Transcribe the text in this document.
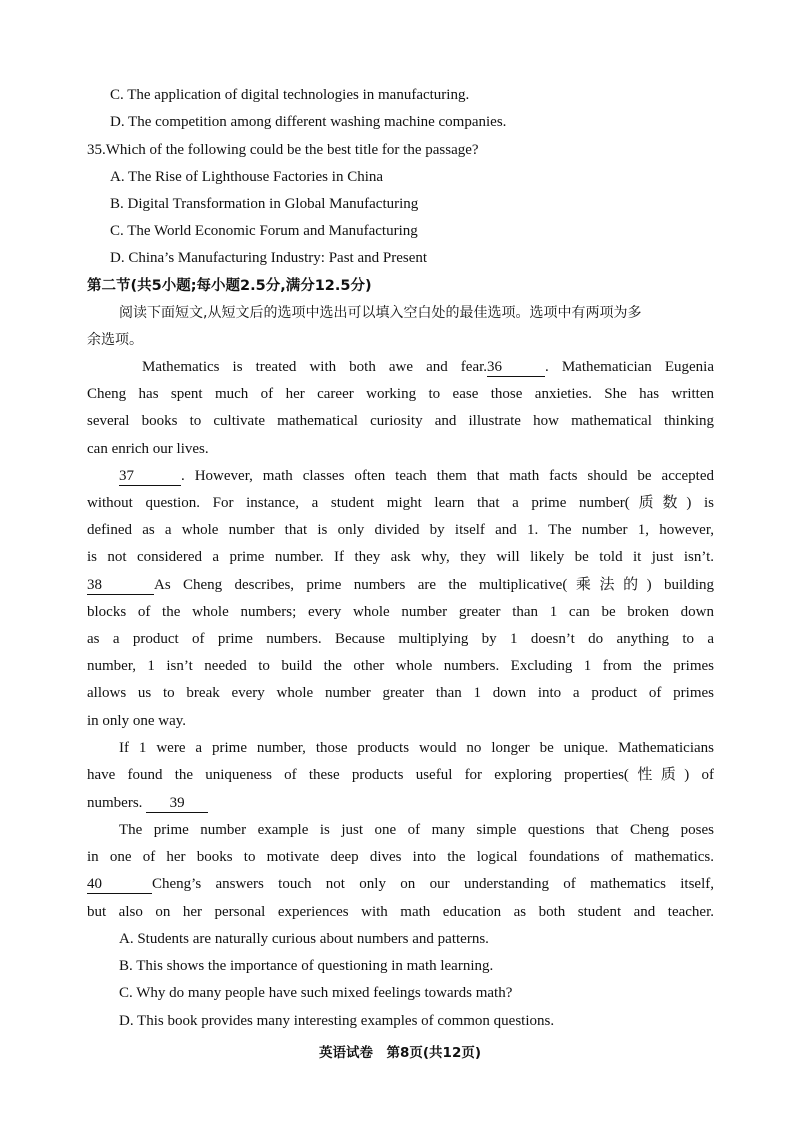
C. The application of digital technologies in manufacturing.
D. The competition among different washing machine companies.
35.Which of the following could be the best title for the passage?
A. The Rise of Lighthouse Factories in China
B. Digital Transformation in Global Manufacturing
C. The World Economic Forum and Manufacturing
D. China’s Manufacturing Industry: Past and Present
第二节(共5小题;每小题2.5分,满分12.5分)
阅读下面短文,从短文后的选项中选出可以填入空白处的最佳选项。选项中有两项为多
余选项。
Mathematics is treated with both awe and fear.36	. Mathematician Eugenia
Cheng has spent much of her career working to ease those anxieties. She has written
several books to cultivate mathematical curiosity and illustrate how mathematical thinking
can enrich our lives.
37	. However, math classes often teach them that math facts should be accepted
without question. For instance, a student might learn that a prime number(质数) is
defined as a whole number that is only divided by itself and 1. The number 1, however,
is not considered a prime number. If they ask why, they will likely be told it just isn’t.
38	As Cheng describes, prime numbers are the multiplicative(乘法的) building
blocks of the whole numbers; every whole number greater than 1 can be broken down
as a product of prime numbers. Because multiplying by 1 doesn’t do anything to a
number, 1 isn’t needed to build the other whole numbers. Excluding 1 from the primes
allows us to break every whole number greater than 1 down into a product of primes
in only one way.
If 1 were a prime number, those products would no longer be unique. Mathematicians
have found the uniqueness of these products useful for exploring properties(性质) of
numbers. 39
The prime number example is just one of many simple questions that Cheng poses
in one of her books to motivate deep dives into the logical foundations of mathematics.
40	Cheng’s answers touch not only on our understanding of mathematics itself,
but also on her personal experiences with math education as both student and teacher.
A. Students are naturally curious about numbers and patterns.
B. This shows the importance of questioning in math learning.
C. Why do many people have such mixed feelings towards math?
D. This book provides many interesting examples of common questions.
英语试卷　第8页(共12页)
